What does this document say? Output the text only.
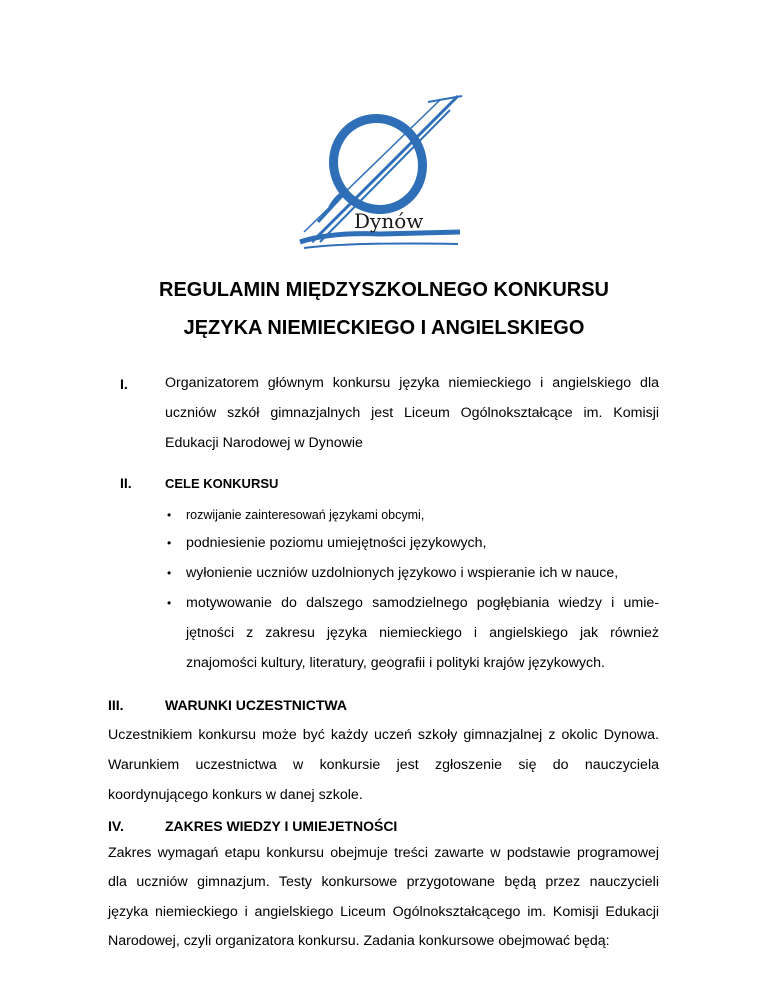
Dynów
REGULAMIN MIĘDZYSZKOLNEGO KONKURSU
JĘZYKA NIEMIECKIEGO I ANGIELSKIEGO
I.	Organizatorem głównym konkursu języka niemieckiego i angielskiego dla
uczniów szkół gimnazjalnych jest Liceum Ogólnokształcące im. Komisji
Edukacji Narodowej w Dynowie
II.	CELE KONKURSU
• rozwijanie zainteresowań językami obcymi,
• podniesienie poziomu umiejętności językowych,
• wyłonienie uczniów uzdolnionych językowo i wspieranie ich w nauce,
• motywowanie do dalszego samodzielnego pogłębiania wiedzy i umie-
jętności z zakresu języka niemieckiego i angielskiego jak również
znajomości kultury, literatury, geografii i polityki krajów językowych.
III.	WARUNKI UCZESTNICTWA
Uczestnikiem konkursu może być każdy uczeń szkoły gimnazjalnej z okolic Dynowa.
Warunkiem uczestnictwa w konkursie jest zgłoszenie się do nauczyciela
koordynującego konkurs w danej szkole.
IV.	ZAKRES WIEDZY I UMIEJETNOŚCI
Zakres wymagań etapu konkursu obejmuje treści zawarte w podstawie programowej
dla uczniów gimnazjum. Testy konkursowe przygotowane będą przez nauczycieli
języka niemieckiego i angielskiego Liceum Ogólnokształcącego im. Komisji Edukacji
Narodowej, czyli organizatora konkursu. Zadania konkursowe obejmować będą:
